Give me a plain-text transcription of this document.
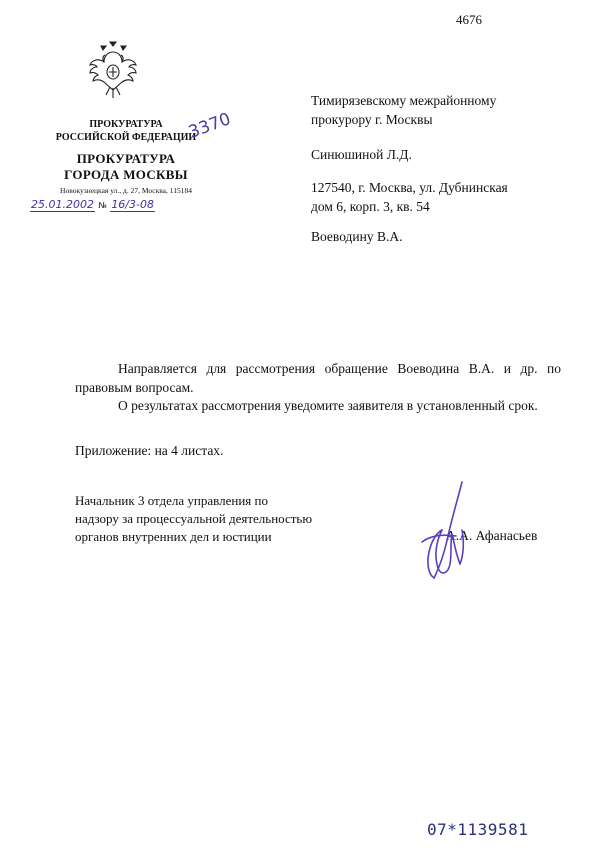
4676
ПРОКУРАТУРА
РОССИЙСКОЙ ФЕДЕРАЦИИ
ПРОКУРАТУРА
ГОРОДА МОСКВЫ
Новокузнецкая ул., д. 27, Москва, 115184
3370
25.01.2002 № 16/3-08
Тимирязевскому межрайонному
прокурору г. Москвы
Синюшиной Л.Д.
127540, г. Москва, ул. Дубнинская
дом 6, корп. 3, кв. 54
Воеводину В.А.
Направляется для рассмотрения обращение Воеводина В.А. и др. по правовым вопросам.
О результатах рассмотрения уведомите заявителя в установленный срок.
Приложение: на 4 листах.
Начальник 3 отдела управления по
надзору за процессуальной деятельностью
органов внутренних дел и юстиции	А.А. Афанасьев
07*1139581
